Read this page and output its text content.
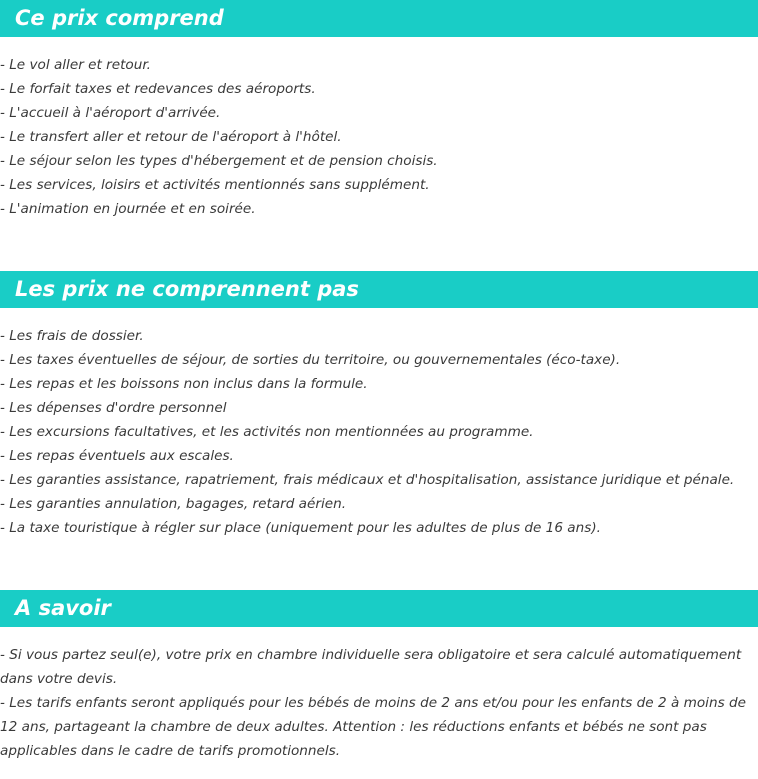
Ce prix comprend
- Le vol aller et retour.
- Le forfait taxes et redevances des aéroports.
- L'accueil à l'aéroport d'arrivée.
- Le transfert aller et retour de l'aéroport à l'hôtel.
- Le séjour selon les types d'hébergement et de pension choisis.
- Les services, loisirs et activités mentionnés sans supplément.
- L'animation en journée et en soirée.
Les prix ne comprennent pas
- Les frais de dossier.
- Les taxes éventuelles de séjour, de sorties du territoire, ou gouvernementales (éco-taxe).
- Les repas et les boissons non inclus dans la formule.
- Les dépenses d'ordre personnel
- Les excursions facultatives, et les activités non mentionnées au programme.
- Les repas éventuels aux escales.
- Les garanties assistance, rapatriement, frais médicaux et d'hospitalisation, assistance juridique et pénale.
- Les garanties annulation, bagages, retard aérien.
- La taxe touristique à régler sur place (uniquement pour les adultes de plus de 16 ans).
A savoir

- Si vous partez seul(e), votre prix en chambre individuelle sera obligatoire et sera calculé automatiquement dans votre devis.

- Les tarifs enfants seront appliqués pour les bébés de moins de 2 ans et/ou pour les enfants de 2 à moins de 12 ans, partageant la chambre de deux adultes. Attention : les réductions enfants et bébés ne sont pas applicables dans le cadre de tarifs promotionnels.
